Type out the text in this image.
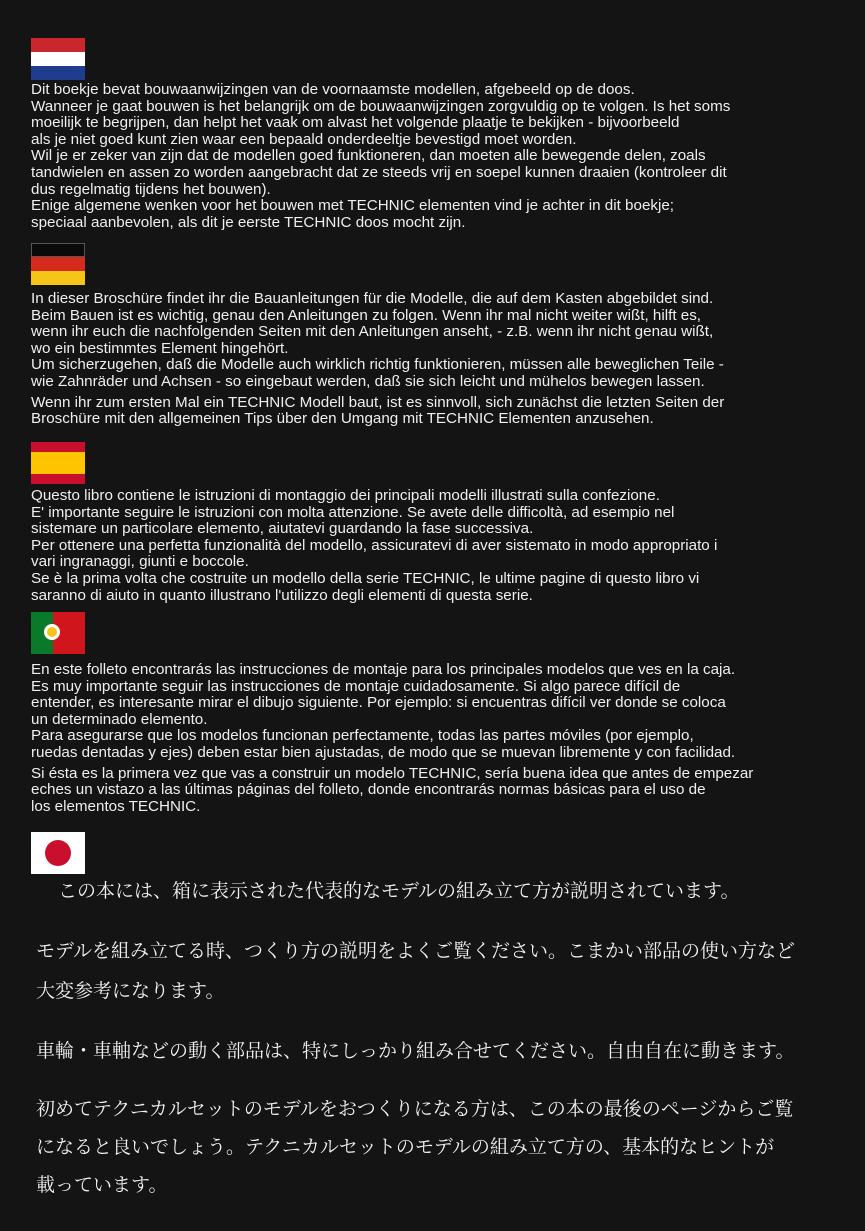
Dit boekje bevat bouwaanwijzingen van de voornaamste modellen, afgebeeld op de doos.
Wanneer je gaat bouwen is het belangrijk om de bouwaanwijzingen zorgvuldig op te volgen. Is het soms
moeilijk te begrijpen, dan helpt het vaak om alvast het volgende plaatje te bekijken - bijvoorbeeld
als je niet goed kunt zien waar een bepaald onderdeeltje bevestigd moet worden.
Wil je er zeker van zijn dat de modellen goed funktioneren, dan moeten alle bewegende delen, zoals
tandwielen en assen zo worden aangebracht dat ze steeds vrij en soepel kunnen draaien (kontroleer dit
dus regelmatig tijdens het bouwen).
Enige algemene wenken voor het bouwen met TECHNIC elementen vind je achter in dit boekje;
speciaal aanbevolen, als dit je eerste TECHNIC doos mocht zijn.
In dieser Broschüre findet ihr die Bauanleitungen für die Modelle, die auf dem Kasten abgebildet sind.
Beim Bauen ist es wichtig, genau den Anleitungen zu folgen. Wenn ihr mal nicht weiter wißt, hilft es,
wenn ihr euch die nachfolgenden Seiten mit den Anleitungen anseht, - z.B. wenn ihr nicht genau wißt,
wo ein bestimmtes Element hingehört.
Um sicherzugehen, daß die Modelle auch wirklich richtig funktionieren, müssen alle beweglichen Teile -
wie Zahnräder und Achsen - so eingebaut werden, daß sie sich leicht und mühelos bewegen lassen.
Wenn ihr zum ersten Mal ein TECHNIC Modell baut, ist es sinnvoll, sich zunächst die letzten Seiten der
Broschüre mit den allgemeinen Tips über den Umgang mit TECHNIC Elementen anzusehen.
Questo libro contiene le istruzioni di montaggio dei principali modelli illustrati sulla confezione.
E' importante seguire le istruzioni con molta attenzione. Se avete delle difficoltà, ad esempio nel
sistemare un particolare elemento, aiutatevi guardando la fase successiva.
Per ottenere una perfetta funzionalità del modello, assicuratevi di aver sistemato in modo appropriato i
vari ingranaggi, giunti e boccole.
Se è la prima volta che costruite un modello della serie TECHNIC, le ultime pagine di questo libro vi
saranno di aiuto in quanto illustrano l'utilizzo degli elementi di questa serie.
En este folleto encontrarás las instrucciones de montaje para los principales modelos que ves en la caja.
Es muy importante seguir las instrucciones de montaje cuidadosamente. Si algo parece difícil de
entender, es interesante mirar el dibujo siguiente. Por ejemplo: si encuentras difícil ver donde se coloca
un determinado elemento.
Para asegurarse que los modelos funcionan perfectamente, todas las partes móviles (por ejemplo,
ruedas dentadas y ejes) deben estar bien ajustadas, de modo que se muevan libremente y con facilidad.
Si ésta es la primera vez que vas a construir un modelo TECHNIC, sería buena idea que antes de empezar
eches un vistazo a las últimas páginas del folleto, donde encontrarás normas básicas para el uso de
los elementos TECHNIC.
この本には、箱に表示された代表的なモデルの組み立て方が説明されています。
モデルを組み立てる時、つくり方の説明をよくご覧ください。こまかい部品の使い方など
大変参考になります。
車輪・車軸などの動く部品は、特にしっかり組み合せてください。自由自在に動きます。
初めてテクニカルセットのモデルをおつくりになる方は、この本の最後のページからご覧
になると良いでしょう。テクニカルセットのモデルの組み立て方の、基本的なヒントが
載っています。
